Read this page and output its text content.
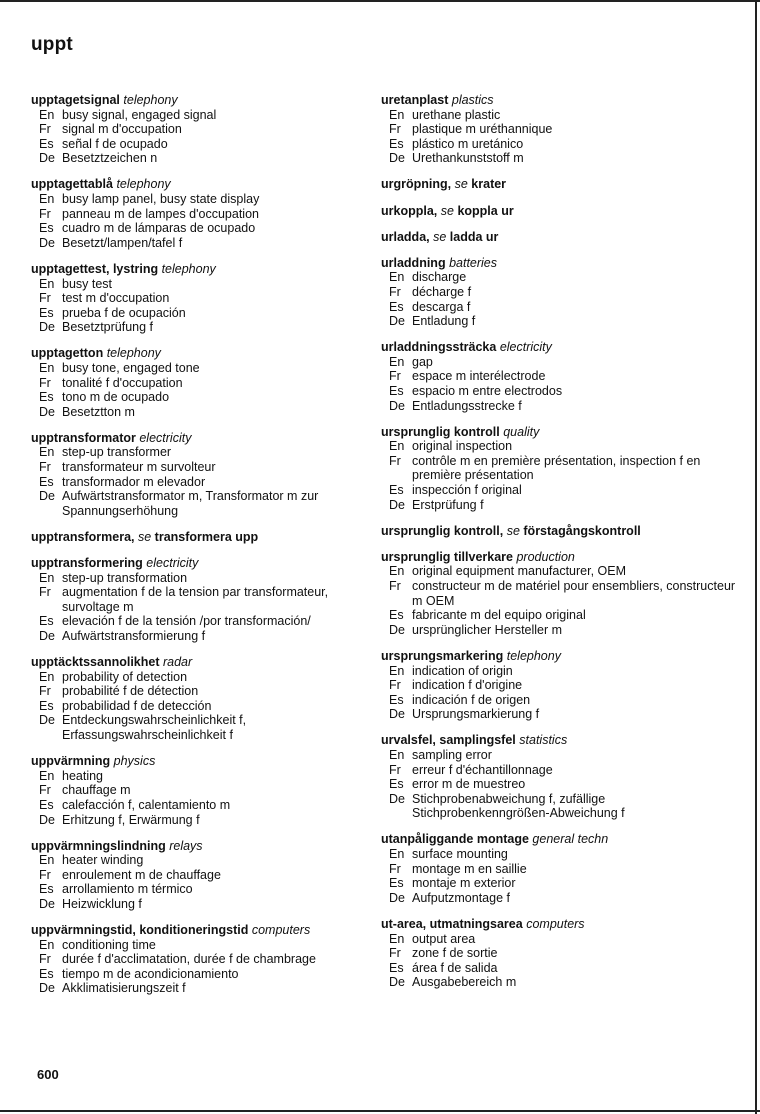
uppt
upptagetsignal telephony
En busy signal, engaged signal
Fr signal m d'occupation
Es señal f de ocupado
De Besetztzeichen n
upptagettablå telephony
En busy lamp panel, busy state display
Fr panneau m de lampes d'occupation
Es cuadro m de lámparas de ocupado
De Besetzt/lampen/tafel f
upptagettest, lystring telephony
En busy test
Fr test m d'occupation
Es prueba f de ocupación
De Besetztprüfung f
upptagetton telephony
En busy tone, engaged tone
Fr tonalité f d'occupation
Es tono m de ocupado
De Besetztton m
upptransformator electricity
En step-up transformer
Fr transformateur m survolteur
Es transformador m elevador
De Aufwärtstransformator m, Transformator m zur Spannungserhöhung
upptransformera, se transformera upp
upptransformering electricity
En step-up transformation
Fr augmentation f de la tension par transformateur, survoltage m
Es elevación f de la tensión /por transformación/
De Aufwärtstransformierung f
upptäcktssannolikhet radar
En probability of detection
Fr probabilité f de détection
Es probabilidad f de detección
De Entdeckungswahrscheinlichkeit f, Erfassungswahrscheinlichkeit f
uppvärmning physics
En heating
Fr chauffage m
Es calefacción f, calentamiento m
De Erhitzung f, Erwärmung f
uppvärmningslindning relays
En heater winding
Fr enroulement m de chauffage
Es arrollamiento m térmico
De Heizwicklung f
uppvärmningstid, konditioneringstid computers
En conditioning time
Fr durée f d'acclimatation, durée f de chambrage
Es tiempo m de acondicionamiento
De Akklimatisierungszeit f
uretanplast plastics
En urethane plastic
Fr plastique m uréthannique
Es plástico m uretánico
De Urethankunststoff m
urgröpning, se krater
urkoppla, se koppla ur
urladda, se ladda ur
urladdning batteries
En discharge
Fr décharge f
Es descarga f
De Entladung f
urladdningssträcka electricity
En gap
Fr espace m interélectrode
Es espacio m entre electrodos
De Entladungsstrecke f
ursprunglig kontroll quality
En original inspection
Fr contrôle m en première présentation, inspection f en première présentation
Es inspección f original
De Erstprüfung f
ursprunglig kontroll, se förstagångskontroll
ursprunglig tillverkare production
En original equipment manufacturer, OEM
Fr constructeur m de matériel pour ensembliers, constructeur m OEM
Es fabricante m del equipo original
De ursprünglicher Hersteller m
ursprungsmarkering telephony
En indication of origin
Fr indication f d'origine
Es indicación f de origen
De Ursprungsmarkierung f
urvalsfel, samplingsfel statistics
En sampling error
Fr erreur f d'échantillonnage
Es error m de muestreo
De Stichprobenabweichung f, zufällige Stichprobenkenngrößen-Abweichung f
utanpåliggande montage general techn
En surface mounting
Fr montage m en saillie
Es montaje m exterior
De Aufputzmontage f
ut-area, utmatningsarea computers
En output area
Fr zone f de sortie
Es área f de salida
De Ausgabebereich m
600
